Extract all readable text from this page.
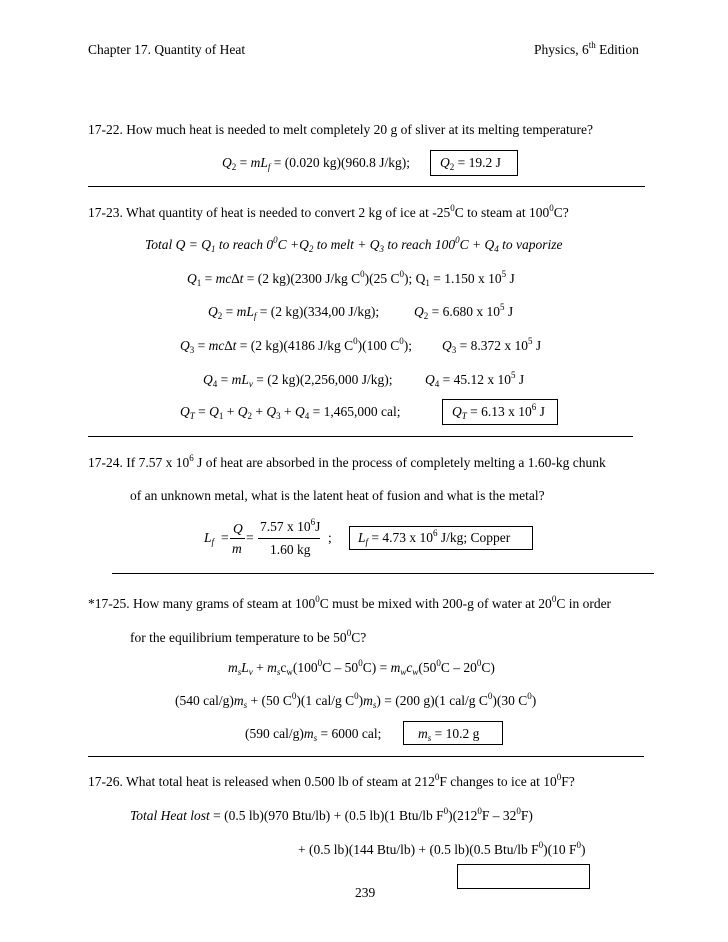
Chapter 17. Quantity of Heat	Physics, 6th Edition
17-22. How much heat is needed to melt completely 20 g of sliver at its melting temperature?
$Q_2 = mL_f = (0.020$ kg)(960.8 J/kg); $Q_2 = 19.2$ J
17-23. What quantity of heat is needed to convert 2 kg of ice at $-25^0C$ to steam at $100^0C$?
Total $Q = Q_1$ to reach $0^0C +Q_2$ to melt + $Q_3$ to reach $100^0C + Q_4$ to vaporize
$Q_1 = mc\Delta t = (2$ kg)(2300 J/kg $C^0)(25$ $C^0$); $Q_1 = 1.150$ x $10^5$ J
$Q_2 = mL_f = (2$ kg)(334,00 J/kg);	$Q_2 = 6.680$ x $10^5$ J
$Q_3 = mc\Delta t = (2$ kg)(4186 J/kg $C^0)(100$ $C^0$); $Q_3 = 8.372$ x $10^5$ J
$Q_4 = mL_v = (2$ kg)(2,256,000 J/kg); $Q_4 = 45.12$ x $10^5$ J
$Q_T = Q_1 + Q_2 + Q_3 + Q_4 = 1,465,000$ cal;	$Q_T = 6.13$ x $10^6$ J
17-24. If 7.57 x $10^6$ J of heat are absorbed in the process of completely melting a 1.60-kg chunk
of an unknown metal, what is the latent heat of fusion and what is the metal?
$L_f$ =
Q
m
=
7.57 x $10^6J$
1.60 kg
; $L_f = 4.73$ x $10^6$ J/kg; Copper
*17-25. How many grams of steam at $100^0C$ must be mixed with 200-g of water at $20^0C$ in order
for the equilibrium temperature to be $50^0C$?
$m_sL_v + m_sc_w(100^0C - 50^0C) = m_wc_w(50^0C - 20^0C)$
(540 cal/$g)m_s + (50$ $C^0)(1$ cal/g $C^0)m_s) = (200$ g)(1 cal/g $C^0)(30$ $C^0$)
(590 cal/$g)m_s = 6000$ cal;	$m_s = 10.2$ g
17-26. What total heat is released when 0.500 lb of steam at $212^0F$ changes to ice at $10^0F$?
Total Heat lost = (0.5 lb)(970 Btu/lb) + (0.5 lb)(1 Btu/lb $F^0)(212^0F - 32^0F)$
+ (0.5 lb)(144 Btu/lb) + (0.5 lb)(0.5 Btu/lb $F^0)(10$ $F^0$)
239
